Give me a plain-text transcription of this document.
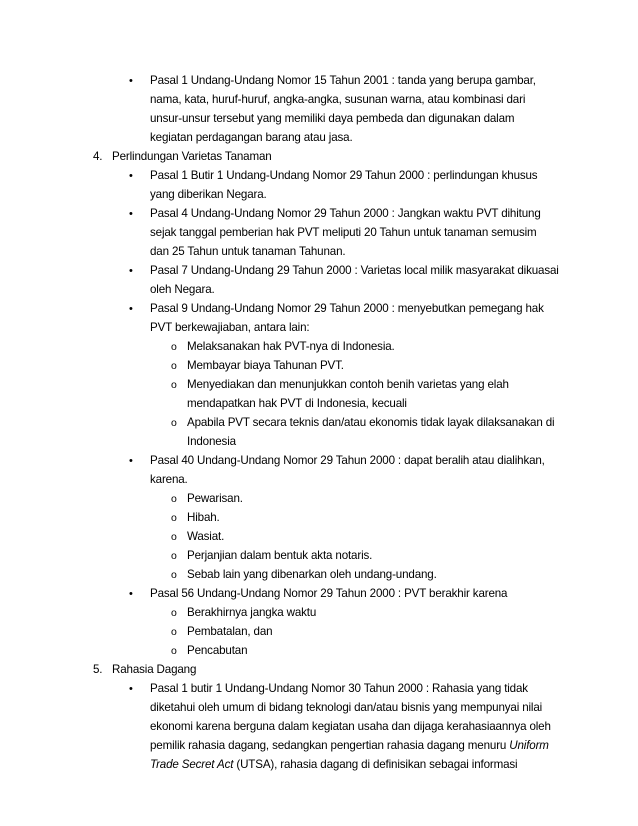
• Pasal 1 Undang-Undang Nomor 15 Tahun 2001 : tanda yang berupa gambar,
nama, kata, huruf-huruf, angka-angka, susunan warna, atau kombinasi dari
unsur-unsur tersebut yang memiliki daya pembeda dan digunakan dalam
kegiatan perdagangan barang atau jasa.
4. Perlindungan Varietas Tanaman
• Pasal 1 Butir 1 Undang-Undang Nomor 29 Tahun 2000 : perlindungan khusus
yang diberikan Negara.
• Pasal 4 Undang-Undang Nomor 29 Tahun 2000 : Jangkan waktu PVT dihitung
sejak tanggal pemberian hak PVT meliputi 20 Tahun untuk tanaman semusim
dan 25 Tahun untuk tanaman Tahunan.
• Pasal 7 Undang-Undang 29 Tahun 2000 : Varietas local milik masyarakat dikuasai
oleh Negara.
• Pasal 9 Undang-Undang Nomor 29 Tahun 2000 : menyebutkan pemegang hak
PVT berkewajiaban, antara lain:
o Melaksanakan hak PVT-nya di Indonesia.
o Membayar biaya Tahunan PVT.
o Menyediakan dan menunjukkan contoh benih varietas yang elah
mendapatkan hak PVT di Indonesia, kecuali
o Apabila PVT secara teknis dan/atau ekonomis tidak layak dilaksanakan di
Indonesia
• Pasal 40 Undang-Undang Nomor 29 Tahun 2000 : dapat beralih atau dialihkan,
karena.
o Pewarisan.
o Hibah.
o Wasiat.
o Perjanjian dalam bentuk akta notaris.
o Sebab lain yang dibenarkan oleh undang-undang.
• Pasal 56 Undang-Undang Nomor 29 Tahun 2000 : PVT berakhir karena
o Berakhirnya jangka waktu
o Pembatalan, dan
o Pencabutan
5. Rahasia Dagang
• Pasal 1 butir 1 Undang-Undang Nomor 30 Tahun 2000 : Rahasia yang tidak
diketahui oleh umum di bidang teknologi dan/atau bisnis yang mempunyai nilai
ekonomi karena berguna dalam kegiatan usaha dan dijaga kerahasiaannya oleh
pemilik rahasia dagang, sedangkan pengertian rahasia dagang menuru Uniform
Trade Secret Act (UTSA), rahasia dagang di definisikan sebagai informasi
